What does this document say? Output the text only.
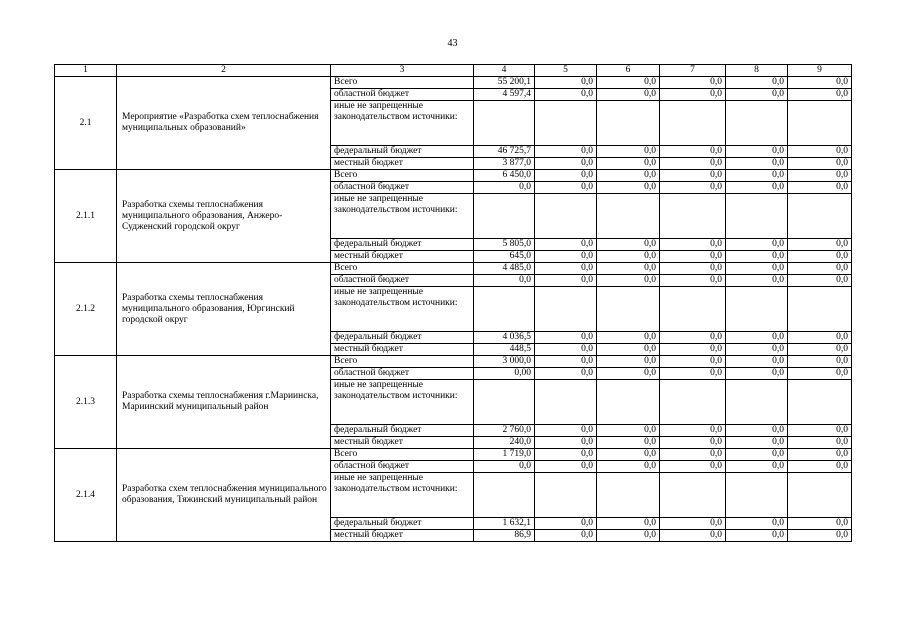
43
1	2	3	4	5	6	7	8	9
2.1	Мероприятие «Разработка схем теплоснабжения муниципальных образований»	Всего	55 200,1	0,0	0,0	0,0	0,0	0,0
		областной бюджет	4 597,4	0,0	0,0	0,0	0,0	0,0
		иные не запрещенные законодательством источники:						
		федеральный бюджет	46 725,7	0,0	0,0	0,0	0,0	0,0
		местный бюджет	3 877,0	0,0	0,0	0,0	0,0	0,0
2.1.1	Разработка схемы теплоснабжения муниципального образования, Анжеро-Судженский городской округ	Всего	6 450,0	0,0	0,0	0,0	0,0	0,0
		областной бюджет	0,0	0,0	0,0	0,0	0,0	0,0
		иные не запрещенные законодательством источники:						
		федеральный бюджет	5 805,0	0,0	0,0	0,0	0,0	0,0
		местный бюджет	645,0	0,0	0,0	0,0	0,0	0,0
2.1.2	Разработка схемы теплоснабжения муниципального образования, Юргинский городской округ	Всего	4 485,0	0,0	0,0	0,0	0,0	0,0
		областной бюджет	0,0	0,0	0,0	0,0	0,0	0,0
		иные не запрещенные законодательством источники:						
		федеральный бюджет	4 036,5	0,0	0,0	0,0	0,0	0,0
		местный бюджет	448,5	0,0	0,0	0,0	0,0	0,0
2.1.3	Разработка схемы теплоснабжения г.Мариинска, Мариинский муниципальный район	Всего	3 000,0	0,0	0,0	0,0	0,0	0,0
		областной бюджет	0,00	0,0	0,0	0,0	0,0	0,0
		иные не запрещенные законодательством источники:						
		федеральный бюджет	2 760,0	0,0	0,0	0,0	0,0	0,0
		местный бюджет	240,0	0,0	0,0	0,0	0,0	0,0
2.1.4	Разработка схем теплоснабжения муниципального образования, Тяжинский муниципальный район	Всего	1 719,0	0,0	0,0	0,0	0,0	0,0
		областной бюджет	0,0	0,0	0,0	0,0	0,0	0,0
		иные не запрещенные законодательством источники:						
		федеральный бюджет	1 632,1	0,0	0,0	0,0	0,0	0,0
		местный бюджет	86,9	0,0	0,0	0,0	0,0	0,0
